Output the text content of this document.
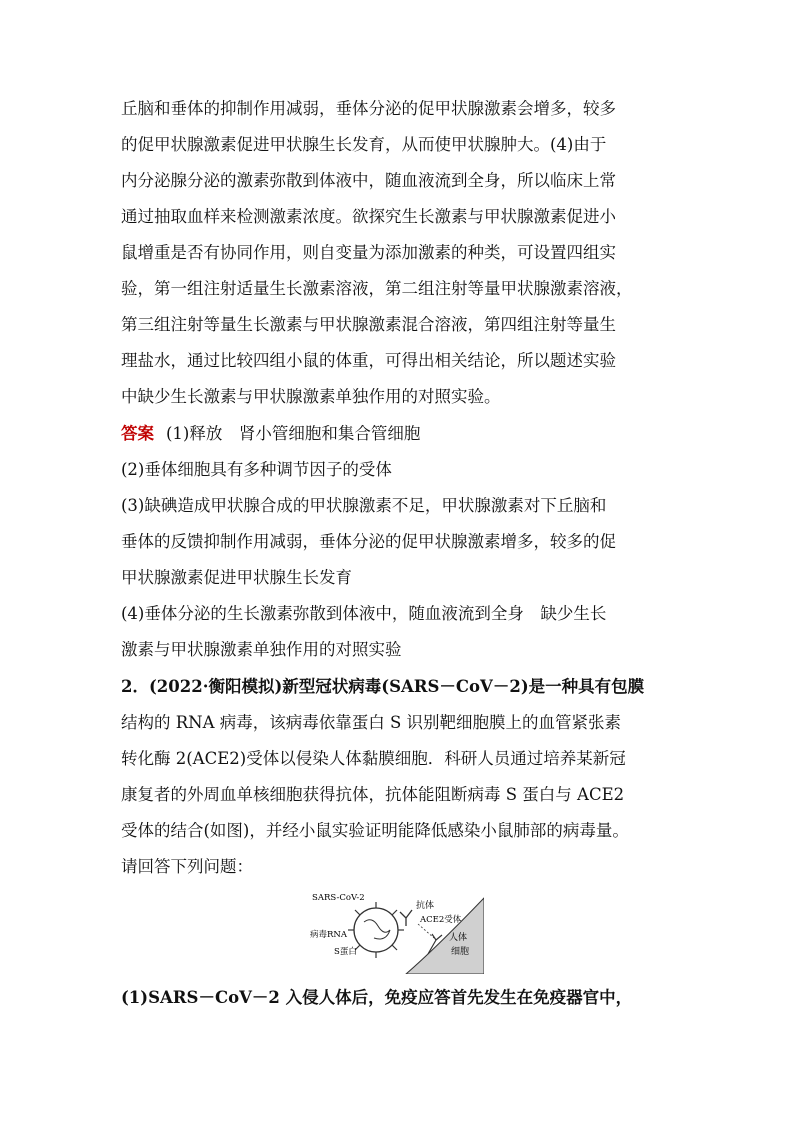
丘脑和垂体的抑制作用减弱，垂体分泌的促甲状腺激素会增多，较多
的促甲状腺激素促进甲状腺生长发育，从而使甲状腺肿大。(4)由于
内分泌腺分泌的激素弥散到体液中，随血液流到全身，所以临床上常
通过抽取血样来检测激素浓度。欲探究生长激素与甲状腺激素促进小
鼠增重是否有协同作用，则自变量为添加激素的种类，可设置四组实
验，第一组注射适量生长激素溶液，第二组注射等量甲状腺激素溶液，
第三组注射等量生长激素与甲状腺激素混合溶液，第四组注射等量生
理盐水，通过比较四组小鼠的体重，可得出相关结论，所以题述实验
中缺少生长激素与甲状腺激素单独作用的对照实验。
答案 (1)释放　肾小管细胞和集合管细胞
(2)垂体细胞具有多种调节因子的受体
(3)缺碘造成甲状腺合成的甲状腺激素不足，甲状腺激素对下丘脑和
垂体的反馈抑制作用减弱，垂体分泌的促甲状腺激素增多，较多的促
甲状腺激素促进甲状腺生长发育
(4)垂体分泌的生长激素弥散到体液中，随血液流到全身　缺少生长
激素与甲状腺激素单独作用的对照实验
2．(2022·衡阳模拟)新型冠状病毒(SARS－CoV－2)是一种具有包膜
结构的 RNA 病毒，该病毒依靠蛋白 S 识别靶细胞膜上的血管紧张素
转化酶 2(ACE2)受体以侵染人体黏膜细胞．科研人员通过培养某新冠
康复者的外周血单核细胞获得抗体，抗体能阻断病毒 S 蛋白与 ACE2
受体的结合(如图)，并经小鼠实验证明能降低感染小鼠肺部的病毒量。
请回答下列问题：
人体
细胞
SARS-CoV-2
病毒RNA
S蛋白
抗体
ACE2受体
(1)SARS－CoV－2 入侵人体后，免疫应答首先发生在免疫器官中，
